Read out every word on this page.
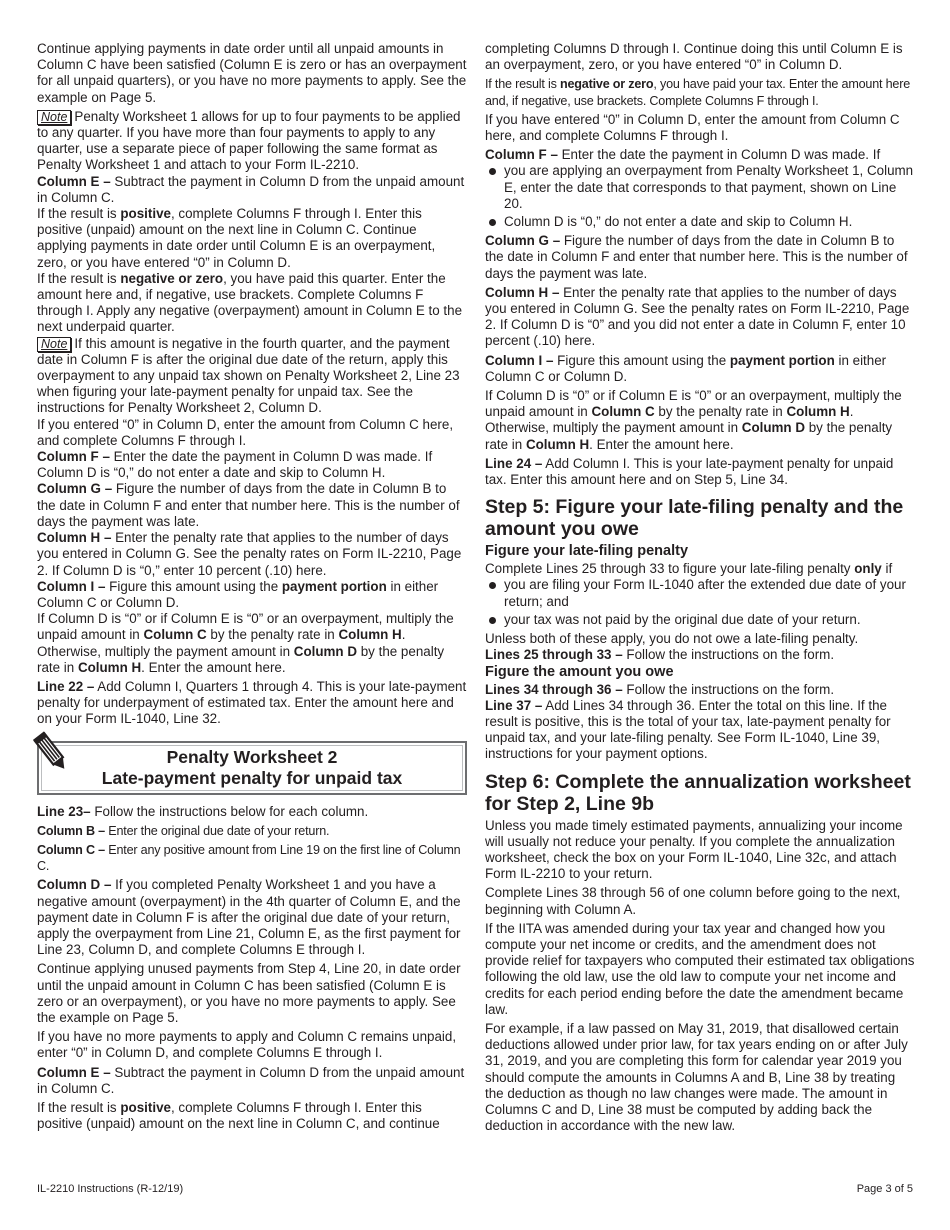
Continue applying payments in date order until all unpaid amounts in Column C have been satisfied (Column E is zero or has an overpayment for all unpaid quarters), or you have no more payments to apply. See the example on Page 5.

Note Penalty Worksheet 1 allows for up to four payments to be applied to any quarter. If you have more than four payments to apply to any quarter, use a separate piece of paper following the same format as Penalty Worksheet 1 and attach to your Form IL-2210.

Column E – Subtract the payment in Column D from the unpaid amount in Column C.

If the result is positive, complete Columns F through I. Enter this positive (unpaid) amount on the next line in Column C. Continue applying payments in date order until Column E is an overpayment, zero, or you have entered “0” in Column D.

If the result is negative or zero, you have paid this quarter. Enter the amount here and, if negative, use brackets. Complete Columns F through I. Apply any negative (overpayment) amount in Column E to the next underpaid quarter.

Note If this amount is negative in the fourth quarter, and the payment date in Column F is after the original due date of the return, apply this overpayment to any unpaid tax shown on Penalty Worksheet 2, Line 23 when figuring your late-payment penalty for unpaid tax. See the instructions for Penalty Worksheet 2, Column D.

If you entered “0” in Column D, enter the amount from Column C here, and complete Columns F through I.

Column F – Enter the date the payment in Column D was made. If Column D is “0,” do not enter a date and skip to Column H.

Column G – Figure the number of days from the date in Column B to the date in Column F and enter that number here. This is the number of days the payment was late.

Column H – Enter the penalty rate that applies to the number of days you entered in Column G. See the penalty rates on Form IL-2210, Page 2. If Column D is “0,” enter 10 percent (.10) here.

Column I – Figure this amount using the payment portion in either Column C or Column D.

If Column D is “0” or if Column E is “0” or an overpayment, multiply the unpaid amount in Column C by the penalty rate in Column H. Otherwise, multiply the payment amount in Column D by the penalty rate in Column H. Enter the amount here.

Line 22 – Add Column I, Quarters 1 through 4. This is your late-payment penalty for underpayment of estimated tax. Enter the amount here and on your Form IL-1040, Line 32.

Penalty Worksheet 2
Late-payment penalty for unpaid tax

Line 23– Follow the instructions below for each column.

Column B – Enter the original due date of your return.

Column C – Enter any positive amount from Line 19 on the first line of Column C.

Column D – If you completed Penalty Worksheet 1 and you have a negative amount (overpayment) in the 4th quarter of Column E, and the payment date in Column F is after the original due date of your return, apply the overpayment from Line 21, Column E, as the first payment for Line 23, Column D, and complete Columns E through I.

Continue applying unused payments from Step 4, Line 20, in date order until the unpaid amount in Column C has been satisfied (Column E is zero or an overpayment), or you have no more payments to apply. See the example on Page 5.

If you have no more payments to apply and Column C remains unpaid, enter “0” in Column D, and complete Columns E through I.

Column E – Subtract the payment in Column D from the unpaid amount in Column C.

If the result is positive, complete Columns F through I. Enter this positive (unpaid) amount on the next line in Column C, and continue

completing Columns D through I. Continue doing this until Column E is an overpayment, zero, or you have entered “0” in Column D.

If the result is negative or zero, you have paid your tax. Enter the amount here and, if negative, use brackets. Complete Columns F through I.

If you have entered “0” in Column D, enter the amount from Column C here, and complete Columns F through I.

Column F – Enter the date the payment in Column D was made. If

you are applying an overpayment from Penalty Worksheet 1, Column E, enter the date that corresponds to that payment, shown on Line 20.
Column D is “0,” do not enter a date and skip to Column H.

Column G – Figure the number of days from the date in Column B to the date in Column F and enter that number here. This is the number of days the payment was late.

Column H – Enter the penalty rate that applies to the number of days you entered in Column G. See the penalty rates on Form IL-2210, Page 2. If Column D is “0” and you did not enter a date in Column F, enter 10 percent (.10) here.

Column I – Figure this amount using the payment portion in either Column C or Column D.

If Column D is “0” or if Column E is “0” or an overpayment, multiply the unpaid amount in Column C by the penalty rate in Column H. Otherwise, multiply the payment amount in Column D by the penalty rate in Column H. Enter the amount here.

Line 24 – Add Column I. This is your late-payment penalty for unpaid tax. Enter this amount here and on Step 5, Line 34.

Step 5: Figure your late-filing penalty and the amount you owe
Figure your late-filing penalty

Complete Lines 25 through 33 to figure your late-filing penalty only if

you are filing your Form IL-1040 after the extended due date of your return; and
your tax was not paid by the original due date of your return.

Unless both of these apply, you do not owe a late-filing penalty.

Lines 25 through 33 – Follow the instructions on the form.

Figure the amount you owe

Lines 34 through 36 – Follow the instructions on the form.

Line 37 – Add Lines 34 through 36. Enter the total on this line. If the result is positive, this is the total of your tax, late-payment penalty for unpaid tax, and your late-filing penalty. See Form IL-1040, Line 39, instructions for your payment options.

Step 6: Complete the annualization worksheet for Step 2, Line 9b

Unless you made timely estimated payments, annualizing your income will usually not reduce your penalty. If you complete the annualization worksheet, check the box on your Form IL-1040, Line 32c, and attach Form IL-2210 to your return.

Complete Lines 38 through 56 of one column before going to the next, beginning with Column A.

If the IITA was amended during your tax year and changed how you compute your net income or credits, and the amendment does not provide relief for taxpayers who computed their estimated tax obligations following the old law, use the old law to compute your net income and credits for each period ending before the date the amendment became law.

For example, if a law passed on May 31, 2019, that disallowed certain deductions allowed under prior law, for tax years ending on or after July 31, 2019, and you are completing this form for calendar year 2019 you should compute the amounts in Columns A and B, Line 38 by treating the deduction as though no law changes were made. The amount in Columns C and D, Line 38 must be computed by adding back the deduction in accordance with the new law.

IL-2210 Instructions (R-12/19)	Page 3 of 5
